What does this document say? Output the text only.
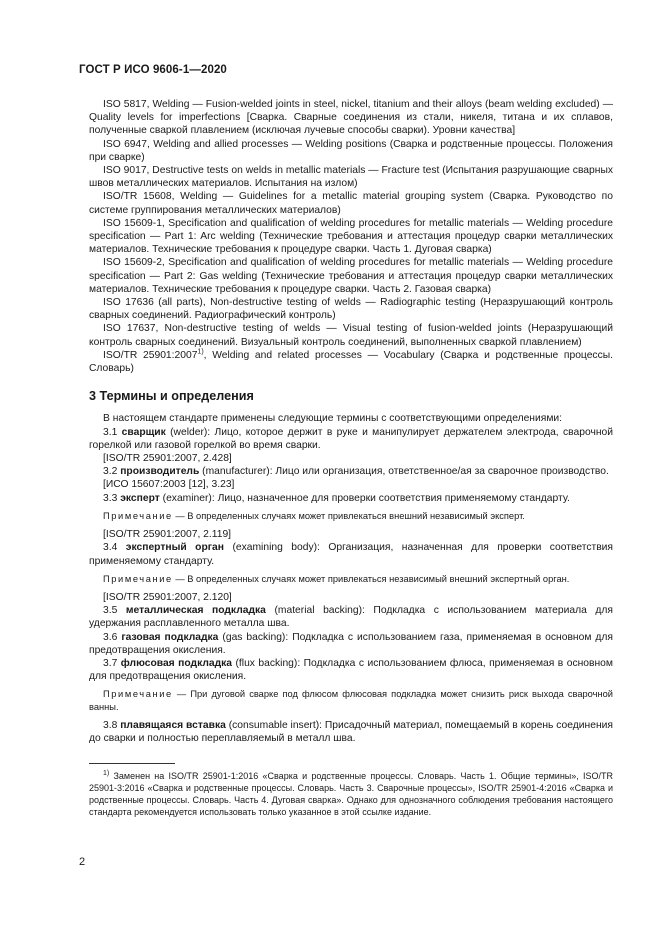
ГОСТ Р ИСО 9606-1—2020

ISO 5817, Welding — Fusion-welded joints in steel, nickel, titanium and their alloys (beam welding excluded) — Quality levels for imperfections [Сварка. Сварные соединения из стали, никеля, титана и их сплавов, полученные сваркой плавлением (исключая лучевые способы сварки). Уровни качества]

ISO 6947, Welding and allied processes — Welding positions (Сварка и родственные процессы. Положения при сварке)

ISO 9017, Destructive tests on welds in metallic materials — Fracture test (Испытания разрушающие сварных швов металлических материалов. Испытания на излом)

ISO/TR 15608, Welding — Guidelines for a metallic material grouping system (Сварка. Руководство по системе группирования металлических материалов)

ISO 15609-1, Specification and qualification of welding procedures for metallic materials — Welding procedure specification — Part 1: Arc welding (Технические требования и аттестация процедур сварки металлических материалов. Технические требования к процедуре сварки. Часть 1. Дуговая сварка)

ISO 15609-2, Specification and qualification of welding procedures for metallic materials — Welding procedure specification — Part 2: Gas welding (Технические требования и аттестация процедур сварки металлических материалов. Технические требования к процедуре сварки. Часть 2. Газовая сварка)

ISO 17636 (all parts), Non-destructive testing of welds — Radiographic testing (Неразрушающий контроль сварных соединений. Радиографический контроль)

ISO 17637, Non-destructive testing of welds — Visual testing of fusion-welded joints (Неразрушающий контроль сварных соединений. Визуальный контроль соединений, выполненных сваркой плавлением)

ISO/TR 25901:2007$^{1)}$, Welding and related processes — Vocabulary (Сварка и родственные процессы. Словарь)

3 Термины и определения

В настоящем стандарте применены следующие термины с соответствующими определениями:

3.1 сварщик (welder): Лицо, которое держит в руке и манипулирует держателем электрода, сварочной горелкой или газовой горелкой во время сварки.

[ISO/TR 25901:2007, 2.428]

3.2 производитель (manufacturer): Лицо или организация, ответственное/ая за сварочное производство.

[ИСО 15607:2003 [12], 3.23]

3.3 эксперт (examiner): Лицо, назначенное для проверки соответствия применяемому стандарту.

Примечание — В определенных случаях может привлекаться внешний независимый эксперт.

[ISO/TR 25901:2007, 2.119]

3.4 экспертный орган (examining body): Организация, назначенная для проверки соответствия применяемому стандарту.

Примечание — В определенных случаях может привлекаться независимый внешний экспертный орган.

[ISO/TR 25901:2007, 2.120]

3.5 металлическая подкладка (material backing): Подкладка с использованием материала для удержания расплавленного металла шва.

3.6 газовая подкладка (gas backing): Подкладка с использованием газа, применяемая в основном для предотвращения окисления.

3.7 флюсовая подкладка (flux backing): Подкладка с использованием флюса, применяемая в основном для предотвращения окисления.

Примечание — При дуговой сварке под флюсом флюсовая подкладка может снизить риск выхода сварочной ванны.

3.8 плавящаяся вставка (consumable insert): Присадочный материал, помещаемый в корень соединения до сварки и полностью переплавляемый в металл шва.

$^{1)}$ Заменен на ISO/TR 25901-1:2016 «Сварка и родственные процессы. Словарь. Часть 1. Общие термины», ISO/TR 25901-3:2016 «Сварка и родственные процессы. Словарь. Часть 3. Сварочные процессы», ISO/TR 25901-4:2016 «Сварка и родственные процессы. Словарь. Часть 4. Дуговая сварка». Однако для однозначного соблюдения требования настоящего стандарта рекомендуется использовать только указанное в этой ссылке издание.

2
